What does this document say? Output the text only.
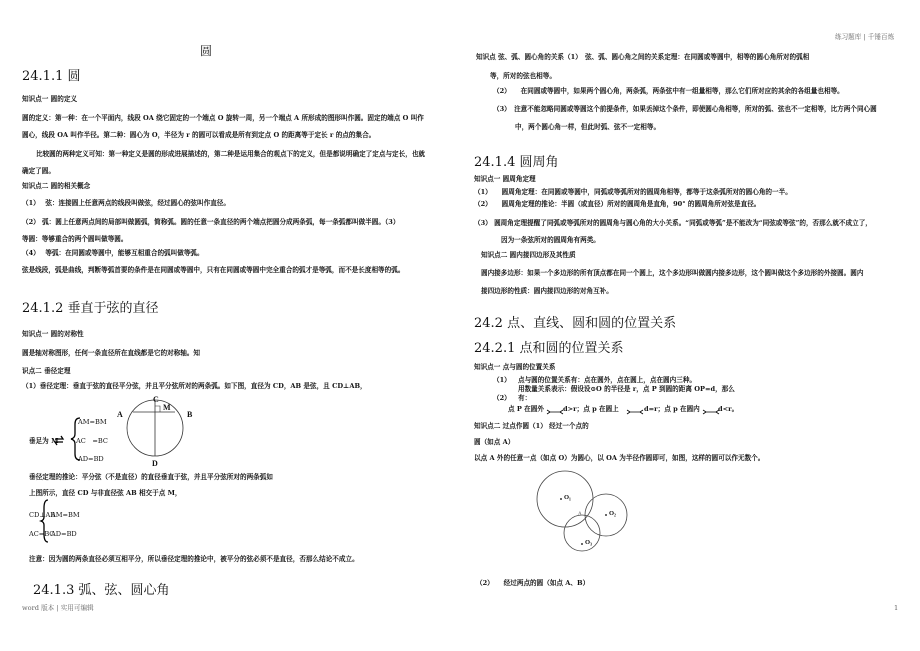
练习题库 | 千锤百炼
word 版本 | 实用可编辑	1
圆
24.1.1 圆
知识点一 圆的定义
圆的定义：第一种：在一个平面内，线段 OA 绕它固定的一个端点 O 旋转一周，另一个端点 A 所形成的图形叫作圆。固定的端点 O 叫作
圆心，线段 OA 叫作半径。第二种：圆心为 O，半径为 r 的圆可以看成是所有到定点 O 的距离等于定长 r 的点的集合。
比较圆的两种定义可知：第一种定义是圆的形成进展描述的，第二种是运用集合的观点下的定义，但是都说明确定了定点与定长，也就
确定了圆。
知识点二 圆的相关概念
（1）　 弦：连接圆上任意两点的线段叫做弦，经过圆心的弦叫作直径。
（2） 弧：圆上任意两点间的局部叫做圆弧，简称弧。圆的任意一条直径的两个端点把圆分成两条弧，每一条弧都叫做半圆。（3）
等圆：等够重合的两个圆叫做等圆。
（4）　 等弧：在同圆或等圆中，能够互相重合的弧叫做等弧。
弦是线段，弧是曲线，判断等弧首要的条件是在同圆或等圆中，只有在同圆或等圆中完全重合的弧才是等弧，而不是长度相等的弧。
24.1.2 垂直于弦的直径
知识点一 圆的对称性
圆是轴对称图形，任何一条直径所在直线都是它的对称轴。知
识点二 垂径定理
（1）垂径定理：垂直于弦的直径平分弦，并且平分弦所对的两条弧。如下图，直径为 CD，AB 是弦，且 CD⊥AB，
垂足为 M
AM=BM
AC　=BC
AD=BD
A	B
C
M
D
垂径定理的推论：平分弦（不是直径）的直径垂直于弦，并且平分弦所对的两条弧如
上图所示，直径 CD 与非直径弦 AB 相交于点 M，
CD⊥AB
AM=BM
AC=BC
AD=BD
注意：因为圆的两条直径必须互相平分，所以垂径定理的推论中，被平分的弦必须不是直径，否那么结论不成立。
24.1.3 弧、弦、圆心角
知识点 弦、弧、圆心角的关系（1）　弦、弧、圆心角之间的关系定理：在同圆或等圆中，相等的圆心角所对的弧相
等，所对的弦也相等。
（2）　　在同圆或等圆中，如果两个圆心角，两条弧，两条弦中有一组量相等，那么它们所对应的其余的各组量也相等。
（3）　注意不能忽略同圆或等圆这个前提条件，如果丢掉这个条件，即使圆心角相等，所对的弧、弦也不一定相等，比方两个同心圆
中，两个圆心角一样，但此时弧、弦不一定相等。
24.1.4 圆周角
知识点一 圆周角定理
（1）　　圆周角定理：在同圆或等圆中，同弧或等弧所对的圆周角相等，都等于这条弧所对的圆心角的一半。
（2）　　圆周角定理的推论：半圆（或直径）所对的圆周角是直角，90° 的圆周角所对弦是直径。
（3） 圆周角定理提醒了同弧或等弧所对的圆周角与圆心角的大小关系。“同弧或等弧”是不能改为“同弦或等弦”的，否那么就不成立了，
因为一条弦所对的圆周角有两类。
知识点二 圆内接四边形及其性质
圆内接多边形：如果一个多边形的所有顶点都在同一个圆上，这个多边形叫做圆内接多边形，这个圆叫做这个多边形的外接圆。圆内
接四边形的性质：圆内接四边形的对角互补。
24.2 点、直线、圆和圆的位置关系
24.2.1 点和圆的位置关系
知识点一 点与圆的位置关系
（1） 点与圆的位置关系有：点在圆外，点在圆上，点在圆内三种。
用数量关系表示：假设设⊙O 的半径是 r，点 P 到圆的距离 OP=d，那么
（2） 有：
点 P 在圆外	d>r；点 p 在圆上	d=r；点 p 在圆内	d<r。
知识点二 过点作圆（1） 经过一个点的
圆（如点 A）
以点 A 外的任意一点（如点 O）为圆心，以 OA 为半径作圆即可，如图，这样的圆可以作无数个。
O₁
O₂
O₃
A
（2）　　经过两点的圆（如点 A、B）
